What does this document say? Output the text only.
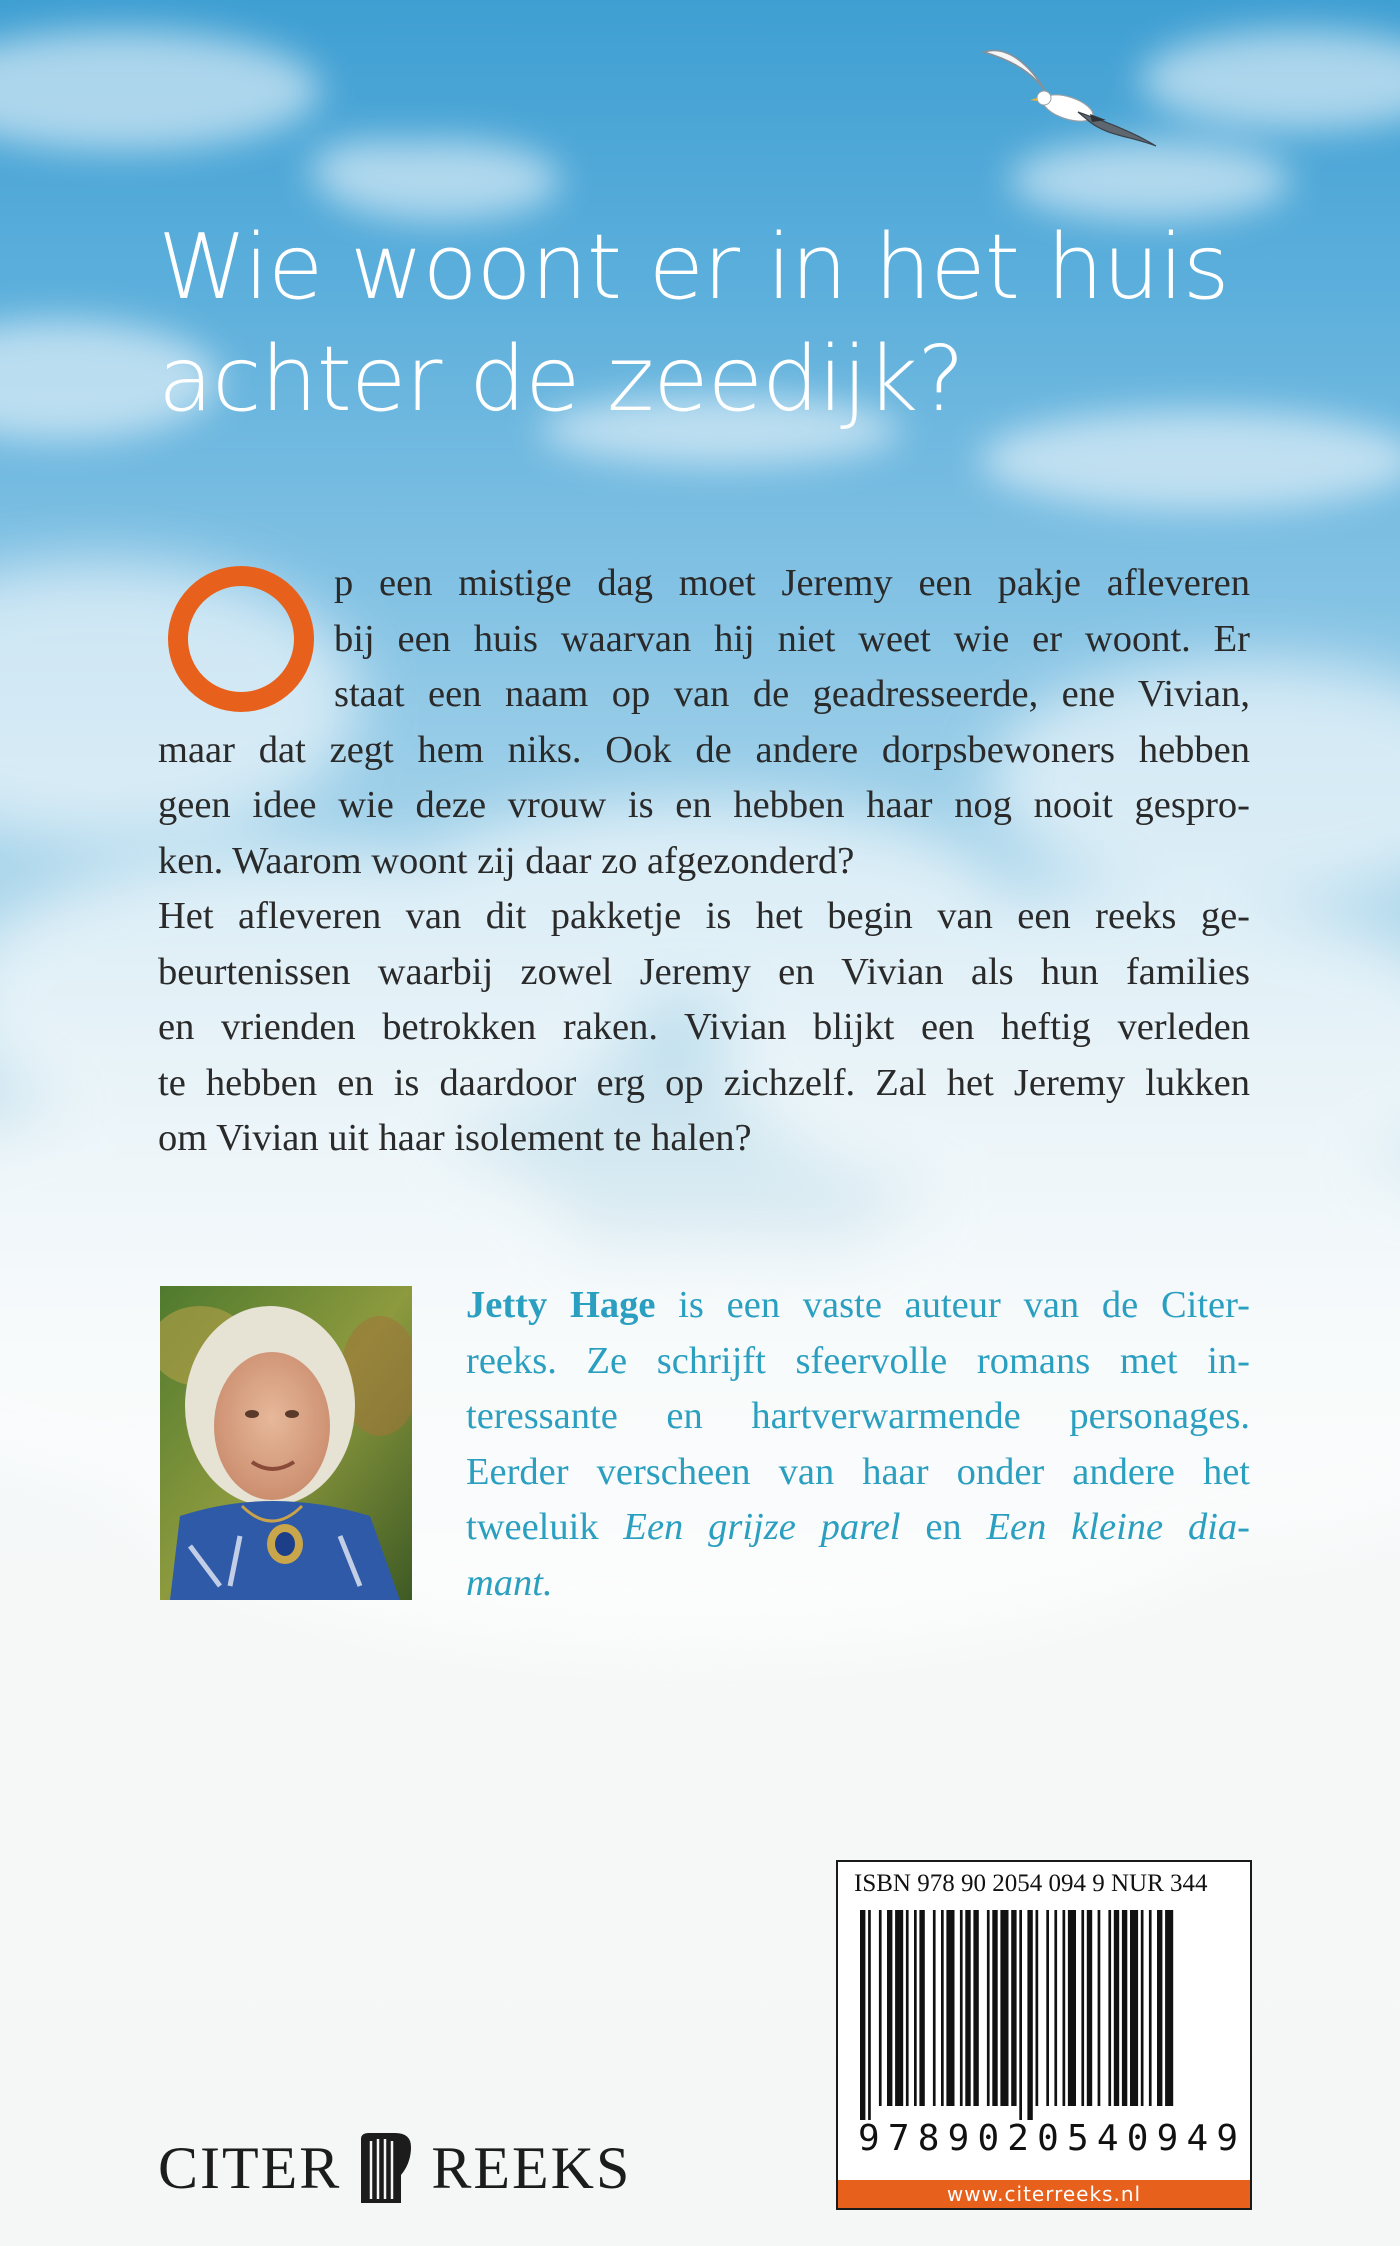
Wie woont er in het huis
achter de zeedijk?
p een mistige dag moet Jeremy een pakje afleveren
bij een huis waarvan hij niet weet wie er woont. Er
staat een naam op van de geadresseerde, ene Vivian,
maar dat zegt hem niks. Ook de andere dorpsbewoners hebben
geen idee wie deze vrouw is en hebben haar nog nooit gespro-
ken. Waarom woont zij daar zo afgezonderd?
Het afleveren van dit pakketje is het begin van een reeks ge-
beurtenissen waarbij zowel Jeremy en Vivian als hun families
en vrienden betrokken raken. Vivian blijkt een heftig verleden
te hebben en is daardoor erg op zichzelf. Zal het Jeremy lukken
om Vivian uit haar isolement te halen?
Jetty Hage is een vaste auteur van de Citer-
reeks. Ze schrijft sfeervolle romans met in-
teressante en hartverwarmende personages.
Eerder verscheen van haar onder andere het
tweeluik Een grijze parel en Een kleine dia-
mant.
ISBN 978 90 2054 094 9 NUR 344
9 7 8 9 0 2 0 5 4 0 9 4 9
www.citerreeks.nl
CITER REEKS
